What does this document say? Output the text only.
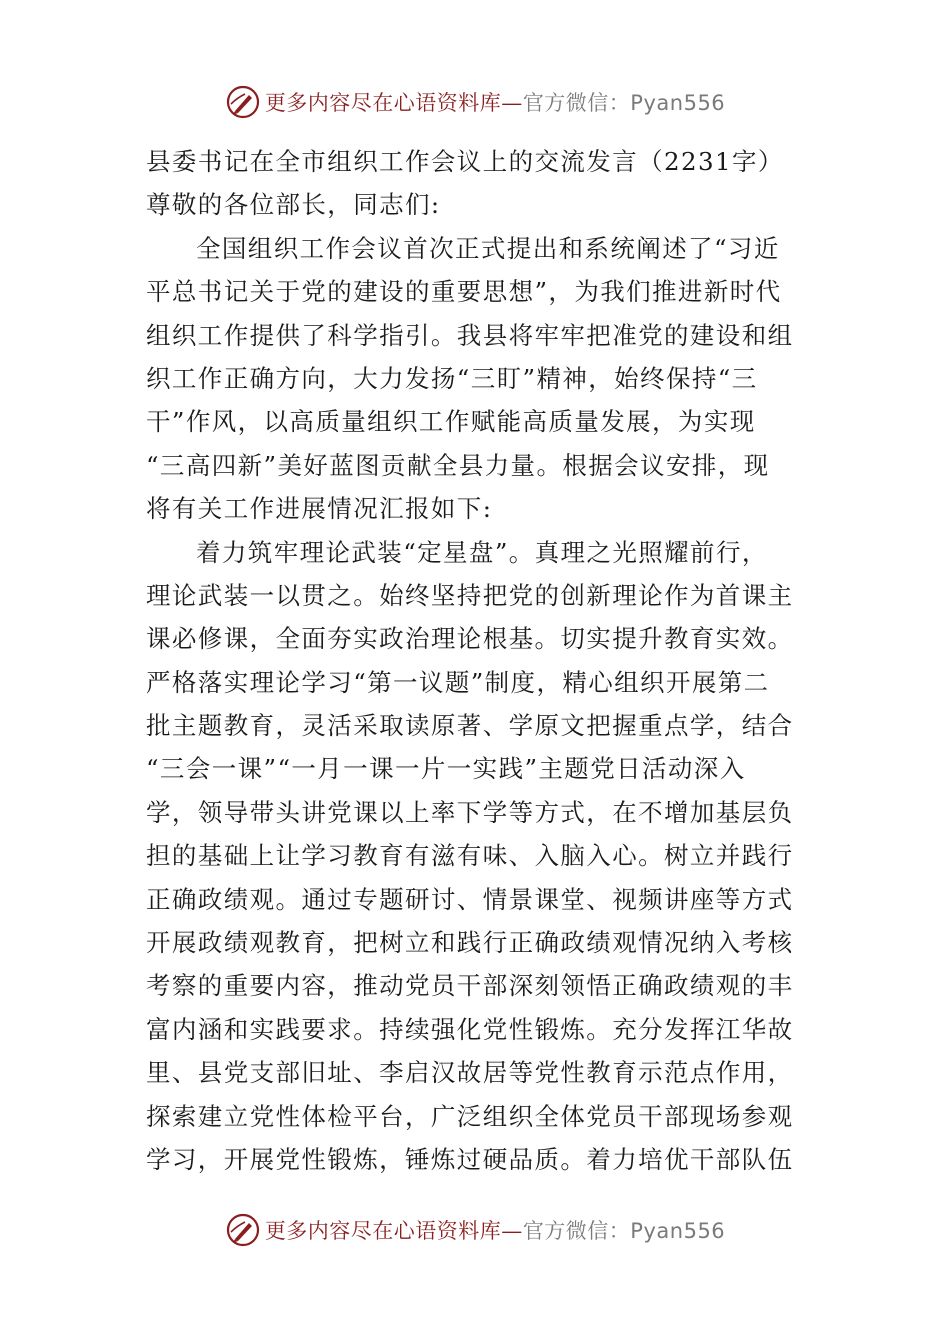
更多内容尽在心语资料库—官方微信：Pyan556
县委书记在全市组织工作会议上的交流发言（2231字）
尊敬的各位部长，同志们:
全国组织工作会议首次正式提出和系统阐述了“习近
平总书记关于党的建设的重要思想”，为我们推进新时代
组织工作提供了科学指引。我县将牢牢把准党的建设和组
织工作正确方向，大力发扬“三盯”精神，始终保持“三
干”作风，以高质量组织工作赋能高质量发展，为实现
“三高四新”美好蓝图贡献全县力量。根据会议安排，现
将有关工作进展情况汇报如下:
着力筑牢理论武装“定星盘”。真理之光照耀前行，
理论武装一以贯之。始终坚持把党的创新理论作为首课主
课必修课，全面夯实政治理论根基。切实提升教育实效。
严格落实理论学习“第一议题”制度，精心组织开展第二
批主题教育，灵活采取读原著、学原文把握重点学，结合
“三会一课”“一月一课一片一实践”主题党日活动深入
学，领导带头讲党课以上率下学等方式，在不增加基层负
担的基础上让学习教育有滋有味、入脑入心。树立并践行
正确政绩观。通过专题研讨、情景课堂、视频讲座等方式
开展政绩观教育，把树立和践行正确政绩观情况纳入考核
考察的重要内容，推动党员干部深刻领悟正确政绩观的丰
富内涵和实践要求。持续强化党性锻炼。充分发挥江华故
里、县党支部旧址、李启汉故居等党性教育示范点作用，
探索建立党性体检平台，广泛组织全体党员干部现场参观
学习，开展党性锻炼，锤炼过硬品质。着力培优干部队伍
更多内容尽在心语资料库—官方微信：Pyan556
